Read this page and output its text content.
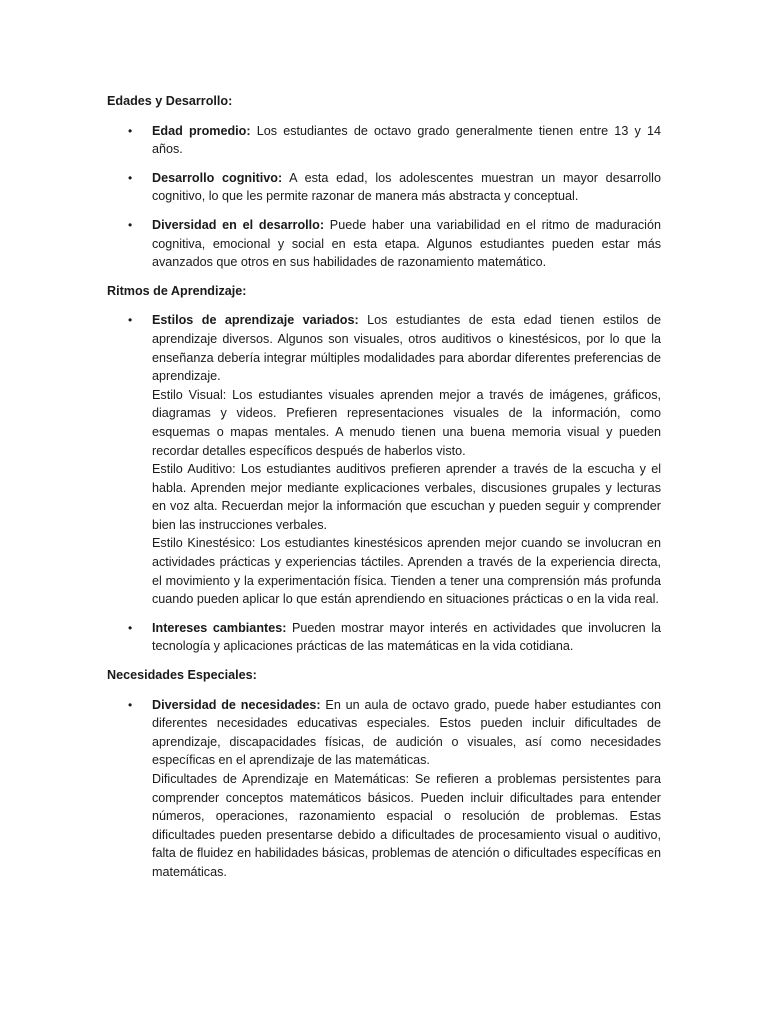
Edades y Desarrollo:
• Edad promedio: Los estudiantes de octavo grado generalmente tienen entre 13 y 14 años.

• Desarrollo cognitivo: A esta edad, los adolescentes muestran un mayor desarrollo cognitivo, lo que les permite razonar de manera más abstracta y conceptual.

• Diversidad en el desarrollo: Puede haber una variabilidad en el ritmo de maduración cognitiva, emocional y social en esta etapa. Algunos estudiantes pueden estar más avanzados que otros en sus habilidades de razonamiento matemático.

Ritmos de Aprendizaje:
• Estilos de aprendizaje variados: Los estudiantes de esta edad tienen estilos de aprendizaje diversos. Algunos son visuales, otros auditivos o kinestésicos, por lo que la enseñanza debería integrar múltiples modalidades para abordar diferentes preferencias de aprendizaje.

Estilo Visual: Los estudiantes visuales aprenden mejor a través de imágenes, gráficos, diagramas y videos. Prefieren representaciones visuales de la información, como esquemas o mapas mentales. A menudo tienen una buena memoria visual y pueden recordar detalles específicos después de haberlos visto.

Estilo Auditivo: Los estudiantes auditivos prefieren aprender a través de la escucha y el habla. Aprenden mejor mediante explicaciones verbales, discusiones grupales y lecturas en voz alta. Recuerdan mejor la información que escuchan y pueden seguir y comprender bien las instrucciones verbales.

Estilo Kinestésico: Los estudiantes kinestésicos aprenden mejor cuando se involucran en actividades prácticas y experiencias táctiles. Aprenden a través de la experiencia directa, el movimiento y la experimentación física. Tienden a tener una comprensión más profunda cuando pueden aplicar lo que están aprendiendo en situaciones prácticas o en la vida real.

• Intereses cambiantes: Pueden mostrar mayor interés en actividades que involucren la tecnología y aplicaciones prácticas de las matemáticas en la vida cotidiana.

Necesidades Especiales:
• Diversidad de necesidades: En un aula de octavo grado, puede haber estudiantes con diferentes necesidades educativas especiales. Estos pueden incluir dificultades de aprendizaje, discapacidades físicas, de audición o visuales, así como necesidades específicas en el aprendizaje de las matemáticas.

Dificultades de Aprendizaje en Matemáticas: Se refieren a problemas persistentes para comprender conceptos matemáticos básicos. Pueden incluir dificultades para entender números, operaciones, razonamiento espacial o resolución de problemas. Estas dificultades pueden presentarse debido a dificultades de procesamiento visual o auditivo, falta de fluidez en habilidades básicas, problemas de atención o dificultades específicas en matemáticas.
